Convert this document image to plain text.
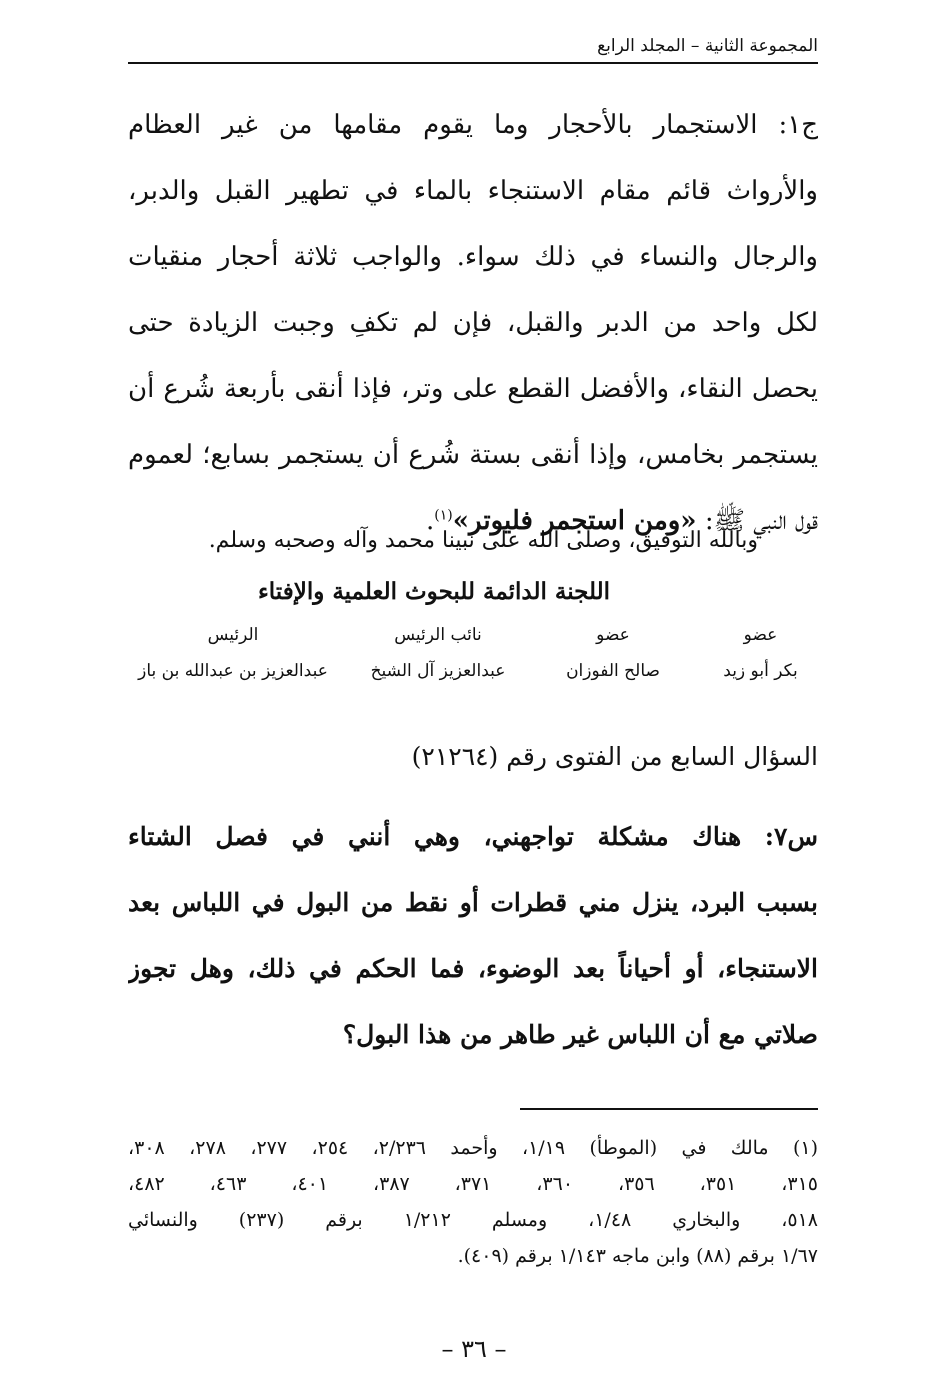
المجموعة الثانية – المجلد الرابع
ج١: الاستجمار بالأحجار وما يقوم مقامها من غير العظام
والأرواث قائم مقام الاستنجاء بالماء في تطهير القبل والدبر،
والرجال والنساء في ذلك سواء. والواجب ثلاثة أحجار منقيات
لكل واحد من الدبر والقبل، فإن لم تكفِ وجبت الزيادة حتى
يحصل النقاء، والأفضل القطع على وتر، فإذا أنقى بأربعة شُرع أن
يستجمر بخامس، وإذا أنقى بستة شُرع أن يستجمر بسابع؛ لعموم
قول النبي ﷺ: «ومن استجمر فليوتر»$^{(١)}$.
وبالله التوفيق، وصلى الله على نبينا محمد وآله وصحبه وسلم.
اللجنة الدائمة للبحوث العلمية والإفتاء
الرئيس
عبدالعزيز بن عبدالله بن باز
نائب الرئيس
عبدالعزيز آل الشيخ
عضو
صالح الفوزان
عضو
بكر أبو زيد
السؤال السابع من الفتوى رقم (٢١٢٦٤)
س٧: هناك مشكلة تواجهني، وهي أنني في فصل الشتاء
بسبب البرد، ينزل مني قطرات أو نقط من البول في اللباس بعد
الاستنجاء، أو أحياناً بعد الوضوء، فما الحكم في ذلك، وهل تجوز
صلاتي مع أن اللباس غير طاهر من هذا البول؟
(١) مالك في (الموطأ) ١/١٩، وأحمد ٢/٢٣٦، ٢٥٤، ٢٧٧، ٢٧٨، ٣٠٨،
٣١٥، ٣٥١، ٣٥٦، ٣٦٠، ٣٧١، ٣٨٧، ٤٠١، ٤٦٣، ٤٨٢،
٥١٨، والبخاري ١/٤٨، ومسلم ١/٢١٢ برقم (٢٣٧) والنسائي
١/٦٧ برقم (٨٨) وابن ماجه ١/١٤٣ برقم (٤٠٩).
– ٣٦ –
